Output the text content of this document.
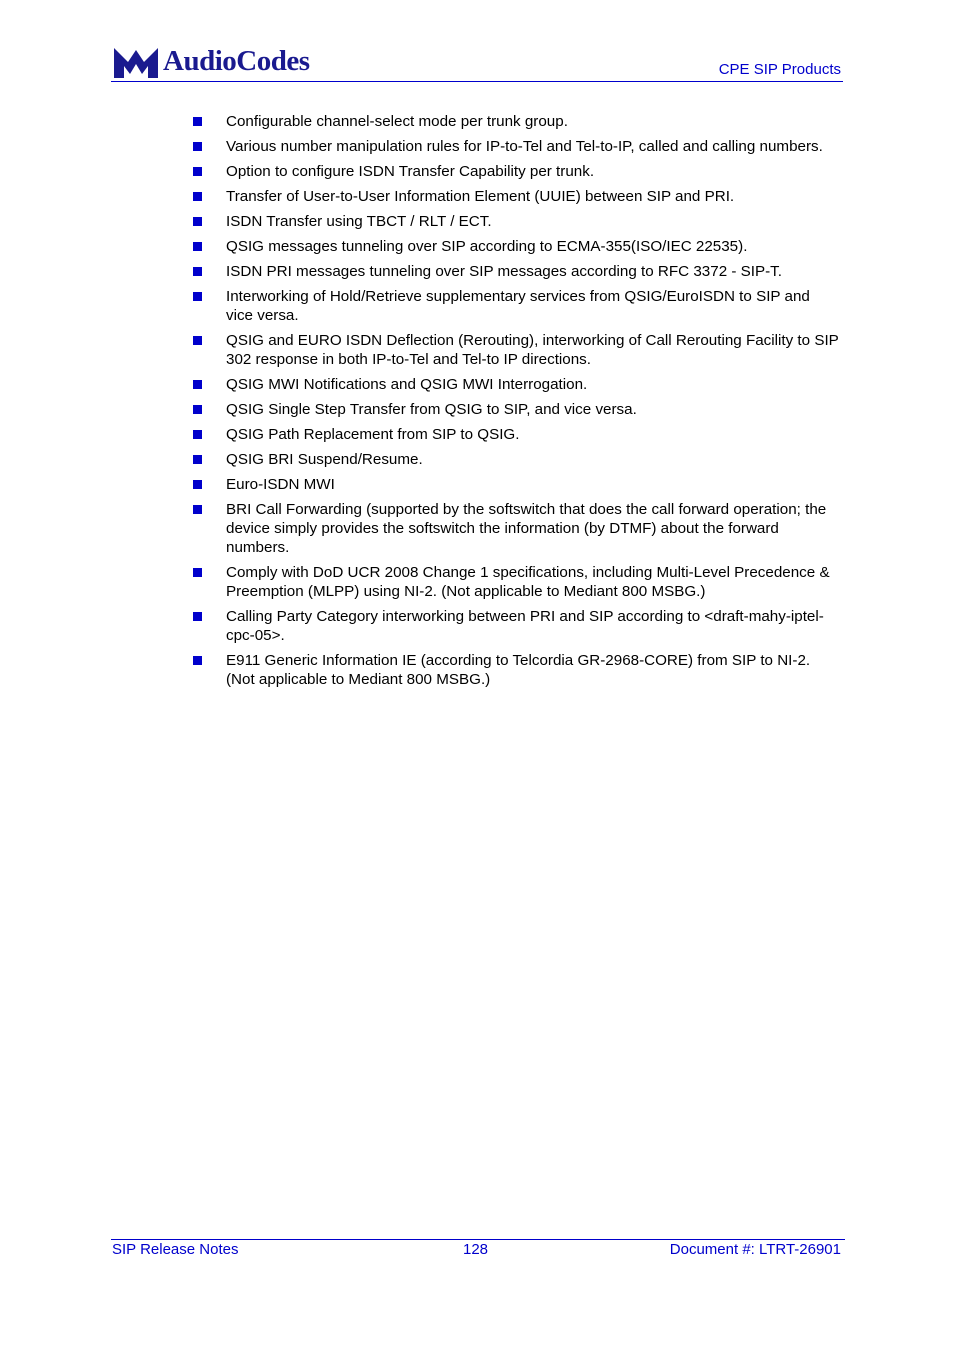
AudioCodes	CPE SIP Products
Configurable channel-select mode per trunk group.
Various number manipulation rules for IP-to-Tel and Tel-to-IP, called and calling numbers.
Option to configure ISDN Transfer Capability per trunk.
Transfer of User-to-User Information Element (UUIE) between SIP and PRI.
ISDN Transfer using TBCT / RLT / ECT.
QSIG messages tunneling over SIP according to ECMA-355(ISO/IEC 22535).
ISDN PRI messages tunneling over SIP messages according to RFC 3372 - SIP-T.
Interworking of Hold/Retrieve supplementary services from QSIG/EuroISDN to SIP and vice versa.
QSIG and EURO ISDN Deflection (Rerouting), interworking of Call Rerouting Facility to SIP 302 response in both IP-to-Tel and Tel-to IP directions.
QSIG MWI Notifications and QSIG MWI Interrogation.
QSIG Single Step Transfer from QSIG to SIP, and vice versa.
QSIG Path Replacement from SIP to QSIG.
QSIG BRI Suspend/Resume.
Euro-ISDN MWI
BRI Call Forwarding (supported by the softswitch that does the call forward operation; the device simply provides the softswitch the information (by DTMF) about the forward numbers.
Comply with DoD UCR 2008 Change 1 specifications, including Multi-Level Precedence & Preemption (MLPP) using NI-2. (Not applicable to Mediant 800 MSBG.)
Calling Party Category interworking between PRI and SIP according to <draft-mahy-iptel-cpc-05>.
E911 Generic Information IE (according to Telcordia GR-2968-CORE) from SIP to NI-2. (Not applicable to Mediant 800 MSBG.)
SIP Release Notes	128	Document #: LTRT-26901
